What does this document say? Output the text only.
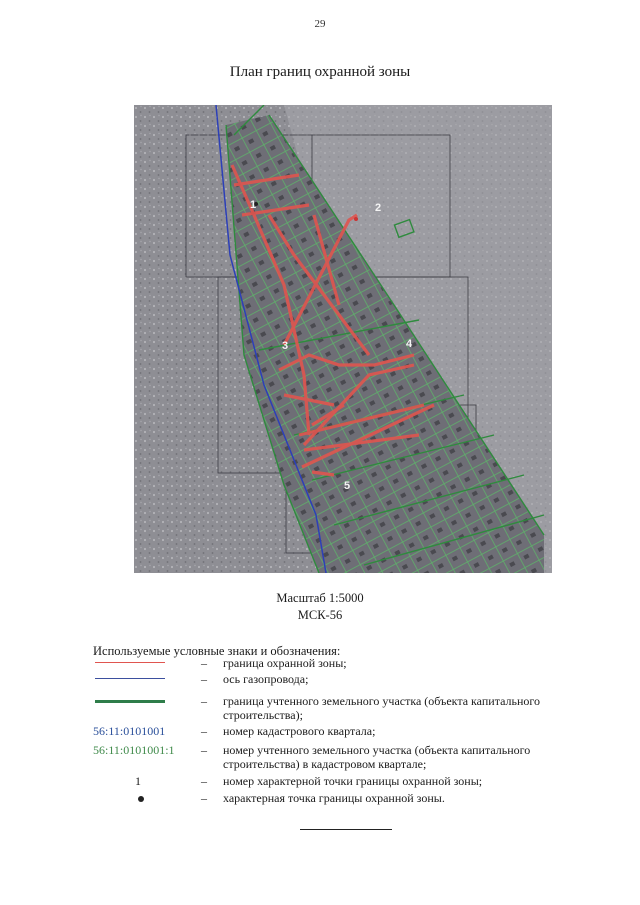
29
План границ охранной зоны
1	2
3	4
5
Масштаб 1:5000
МСК-56
Используемые условные знаки и обозначения:
– граница охранной зоны;
– ось газопровода;
– граница учтенного земельного участка (объекта капитального строительства);
56:11:0101001	– номер кадастрового квартала;
56:11:0101001:1 – номер учтенного земельного участка (объекта капитального строительства) в кадастровом квартале;
1	– номер характерной точки границы охранной зоны;
– характерная точка границы охранной зоны.
